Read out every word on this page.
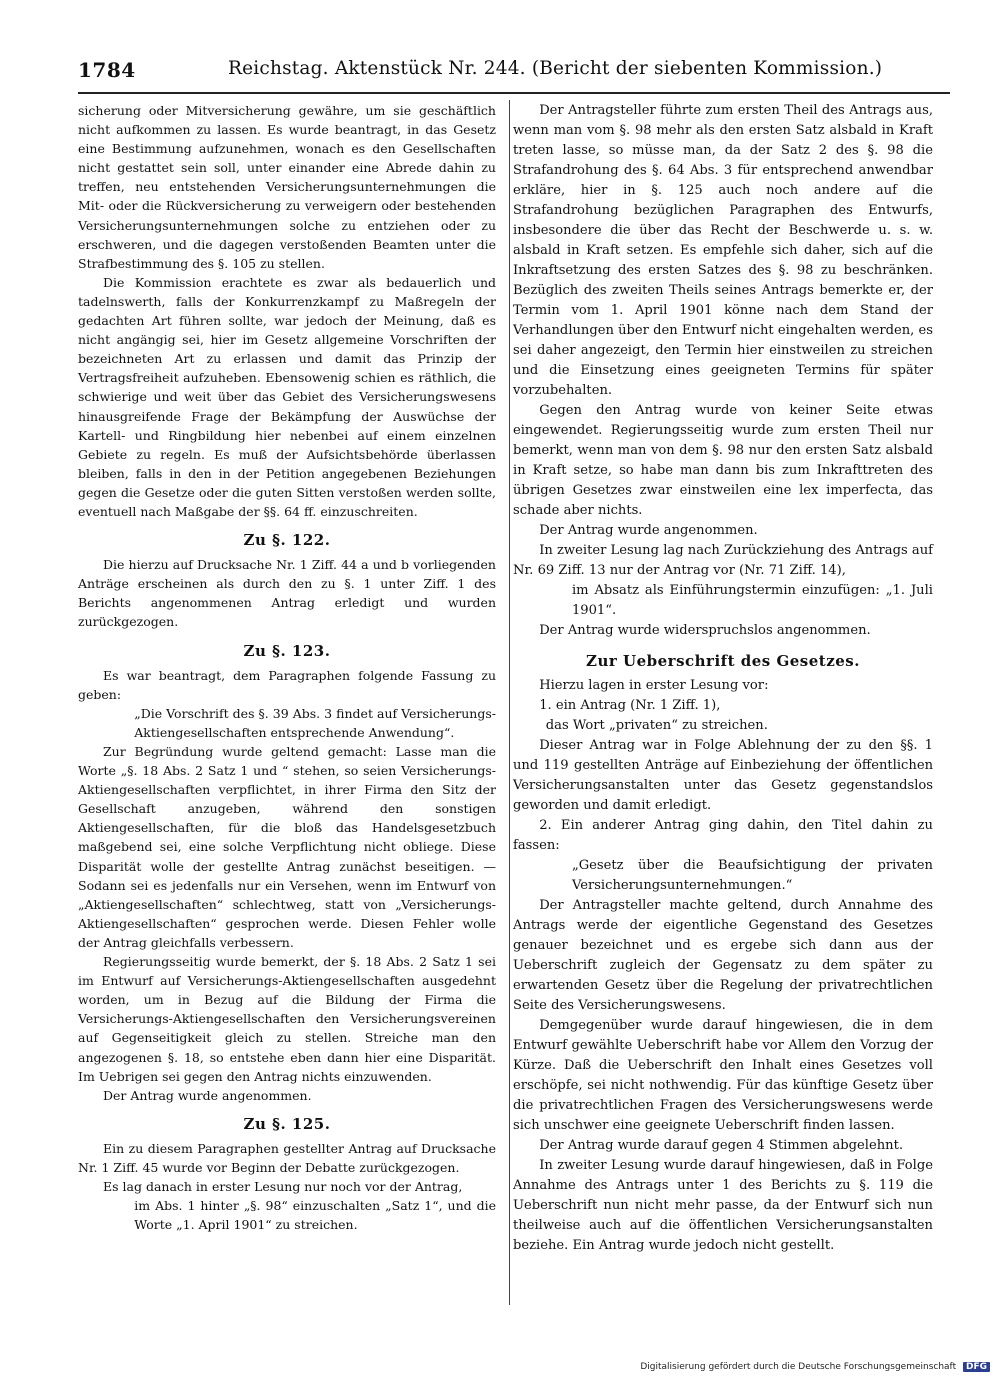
1784	Reichstag. Aktenstück Nr. 244. (Bericht der siebenten Kommission.)

sicherung oder Mitversicherung gewähre, um sie geschäftlich nicht aufkommen zu lassen. Es wurde beantragt, in das Gesetz eine Bestimmung aufzunehmen, wonach es den Gesellschaften nicht gestattet sein soll, unter einander eine Abrede dahin zu treffen, neu entstehenden Versicherungsunternehmungen die Mit- oder die Rückversicherung zu verweigern oder bestehenden Versicherungsunternehmungen solche zu entziehen oder zu erschweren, und die dagegen verstoßenden Beamten unter die Strafbestimmung des §. 105 zu stellen.

Die Kommission erachtete es zwar als bedauerlich und tadelnswerth, falls der Konkurrenzkampf zu Maßregeln der gedachten Art führen sollte, war jedoch der Meinung, daß es nicht angängig sei, hier im Gesetz allgemeine Vorschriften der bezeichneten Art zu erlassen und damit das Prinzip der Vertragsfreiheit aufzuheben. Ebensowenig schien es räthlich, die schwierige und weit über das Gebiet des Versicherungswesens hinausgreifende Frage der Bekämpfung der Auswüchse der Kartell- und Ringbildung hier nebenbei auf einem einzelnen Gebiete zu regeln. Es muß der Aufsichtsbehörde überlassen bleiben, falls in den in der Petition angegebenen Beziehungen gegen die Gesetze oder die guten Sitten verstoßen werden sollte, eventuell nach Maßgabe der §§. 64 ff. einzuschreiten.

Zu §. 122.

Die hierzu auf Drucksache Nr. 1 Ziff. 44 a und b vorliegenden Anträge erscheinen als durch den zu §. 1 unter Ziff. 1 des Berichts angenommenen Antrag erledigt und wurden zurückgezogen.

Zu §. 123.

Es war beantragt, dem Paragraphen folgende Fassung zu geben:

„Die Vorschrift des §. 39 Abs. 3 findet auf Versicherungs-Aktiengesellschaften entsprechende Anwendung“.

Zur Begründung wurde geltend gemacht: Lasse man die Worte „§. 18 Abs. 2 Satz 1 und “ stehen, so seien Versicherungs-Aktiengesellschaften verpflichtet, in ihrer Firma den Sitz der Gesellschaft anzugeben, während den sonstigen Aktiengesellschaften, für die bloß das Handelsgesetzbuch maßgebend sei, eine solche Verpflichtung nicht obliege. Diese Disparität wolle der gestellte Antrag zunächst beseitigen. — Sodann sei es jedenfalls nur ein Versehen, wenn im Entwurf von „Aktiengesellschaften“ schlechtweg, statt von „Versicherungs-Aktiengesellschaften“ gesprochen werde. Diesen Fehler wolle der Antrag gleichfalls verbessern.

Regierungsseitig wurde bemerkt, der §. 18 Abs. 2 Satz 1 sei im Entwurf auf Versicherungs-Aktiengesellschaften ausgedehnt worden, um in Bezug auf die Bildung der Firma die Versicherungs-Aktiengesellschaften den Versicherungsvereinen auf Gegenseitigkeit gleich zu stellen. Streiche man den angezogenen §. 18, so entstehe eben dann hier eine Disparität. Im Uebrigen sei gegen den Antrag nichts einzuwenden.

Der Antrag wurde angenommen.

Zu §. 125.

Ein zu diesem Paragraphen gestellter Antrag auf Drucksache Nr. 1 Ziff. 45 wurde vor Beginn der Debatte zurückgezogen.

Es lag danach in erster Lesung nur noch vor der Antrag,

im Abs. 1 hinter „§. 98“ einzuschalten „Satz 1“, und die Worte „1. April 1901“ zu streichen.

Der Antragsteller führte zum ersten Theil des Antrags aus, wenn man vom §. 98 mehr als den ersten Satz alsbald in Kraft treten lasse, so müsse man, da der Satz 2 des §. 98 die Strafandrohung des §. 64 Abs. 3 für entsprechend anwendbar erkläre, hier in §. 125 auch noch andere auf die Strafandrohung bezüglichen Paragraphen des Entwurfs, insbesondere die über das Recht der Beschwerde u. s. w. alsbald in Kraft setzen. Es empfehle sich daher, sich auf die Inkraftsetzung des ersten Satzes des §. 98 zu beschränken. Bezüglich des zweiten Theils seines Antrags bemerkte er, der Termin vom 1. April 1901 könne nach dem Stand der Verhandlungen über den Entwurf nicht eingehalten werden, es sei daher angezeigt, den Termin hier einstweilen zu streichen und die Einsetzung eines geeigneten Termins für später vorzubehalten.

Gegen den Antrag wurde von keiner Seite etwas eingewendet. Regierungsseitig wurde zum ersten Theil nur bemerkt, wenn man von dem §. 98 nur den ersten Satz alsbald in Kraft setze, so habe man dann bis zum Inkrafttreten des übrigen Gesetzes zwar einstweilen eine lex imperfecta, das schade aber nichts.

Der Antrag wurde angenommen.

In zweiter Lesung lag nach Zurückziehung des Antrags auf Nr. 69 Ziff. 13 nur der Antrag vor (Nr. 71 Ziff. 14),

im Absatz als Einführungstermin einzufügen: „1. Juli 1901“.

Der Antrag wurde widerspruchslos angenommen.

Zur Ueberschrift des Gesetzes.

Hierzu lagen in erster Lesung vor:

1. ein Antrag (Nr. 1 Ziff. 1),

das Wort „privaten“ zu streichen.

Dieser Antrag war in Folge Ablehnung der zu den §§. 1 und 119 gestellten Anträge auf Einbeziehung der öffentlichen Versicherungsanstalten unter das Gesetz gegenstandslos geworden und damit erledigt.

2. Ein anderer Antrag ging dahin, den Titel dahin zu fassen:

„Gesetz über die Beaufsichtigung der privaten Versicherungsunternehmungen.“

Der Antragsteller machte geltend, durch Annahme des Antrags werde der eigentliche Gegenstand des Gesetzes genauer bezeichnet und es ergebe sich dann aus der Ueberschrift zugleich der Gegensatz zu dem später zu erwartenden Gesetz über die Regelung der privatrechtlichen Seite des Versicherungswesens.

Demgegenüber wurde darauf hingewiesen, die in dem Entwurf gewählte Ueberschrift habe vor Allem den Vorzug der Kürze. Daß die Ueberschrift den Inhalt eines Gesetzes voll erschöpfe, sei nicht nothwendig. Für das künftige Gesetz über die privatrechtlichen Fragen des Versicherungswesens werde sich unschwer eine geeignete Ueberschrift finden lassen.

Der Antrag wurde darauf gegen 4 Stimmen abgelehnt.

In zweiter Lesung wurde darauf hingewiesen, daß in Folge Annahme des Antrags unter 1 des Berichts zu §. 119 die Ueberschrift nun nicht mehr passe, da der Entwurf sich nun theilweise auch auf die öffentlichen Versicherungsanstalten beziehe. Ein Antrag wurde jedoch nicht gestellt.

Digitalisierung gefördert durch die Deutsche Forschungsgemeinschaft DFG
